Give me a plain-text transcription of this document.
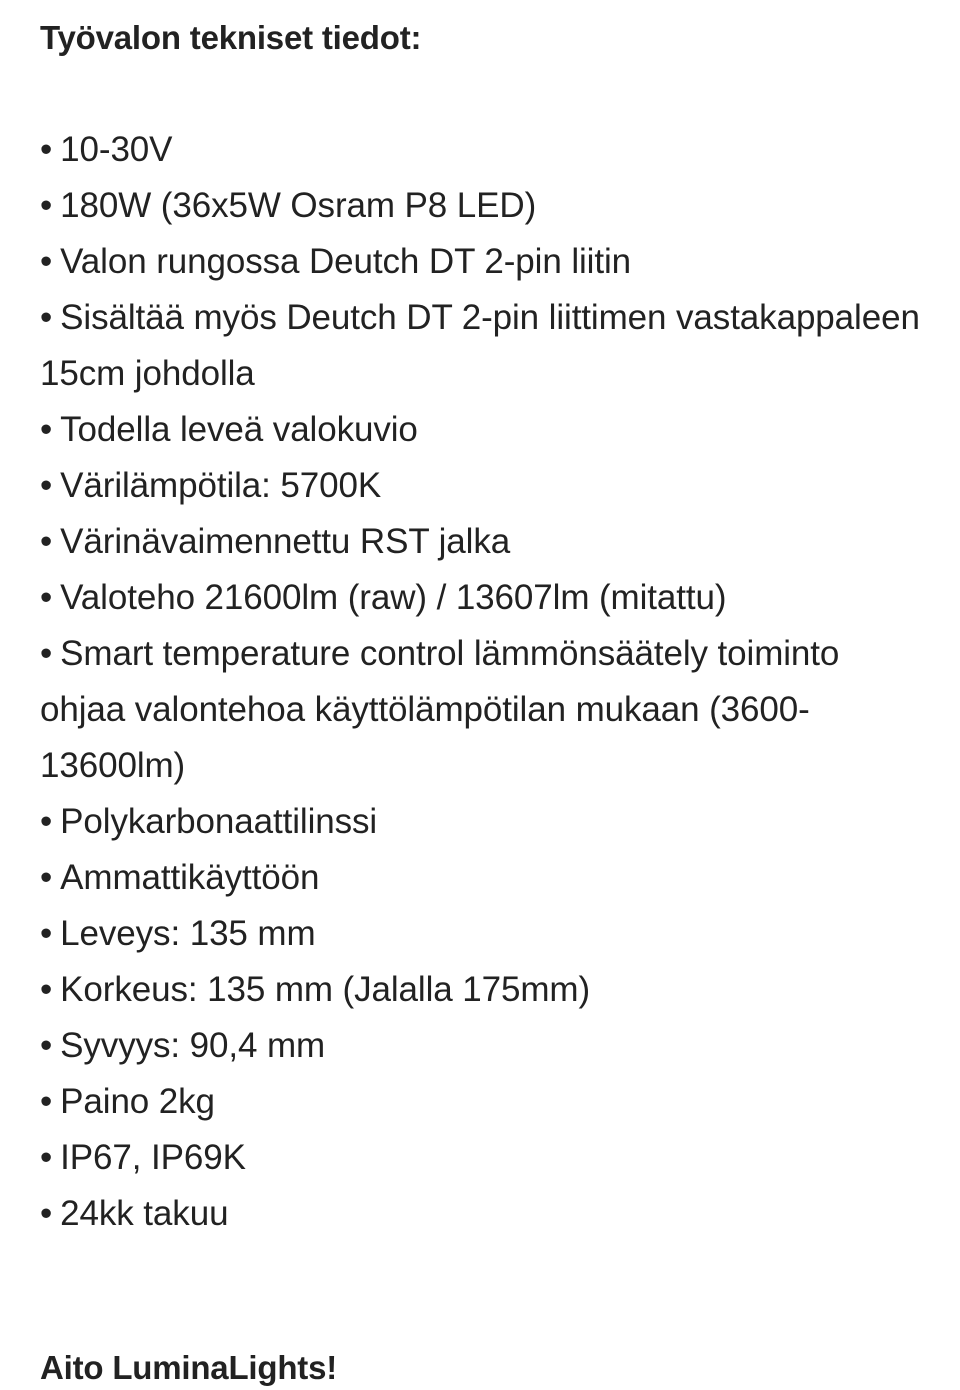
Työvalon tekniset tiedot:
•10-30V
•180W (36x5W Osram P8 LED)
•Valon rungossa Deutch DT 2-pin liitin
•Sisältää myös Deutch DT 2-pin liittimen vastakappaleen 15cm johdolla
•Todella leveä valokuvio
•Värilämpötila: 5700K
•Värinävaimennettu RST jalka
•Valoteho 21600lm (raw) / 13607lm (mitattu)
•Smart temperature control lämmönsäätely toiminto ohjaa valontehoa käyttölämpötilan mukaan (3600-13600lm)
•Polykarbonaattilinssi
•Ammattikäyttöön
•Leveys: 135 mm
•Korkeus: 135 mm (Jalalla 175mm)
•Syvyys: 90,4 mm
•Paino 2kg
•IP67, IP69K
•24kk takuu

Aito LuminaLights!
